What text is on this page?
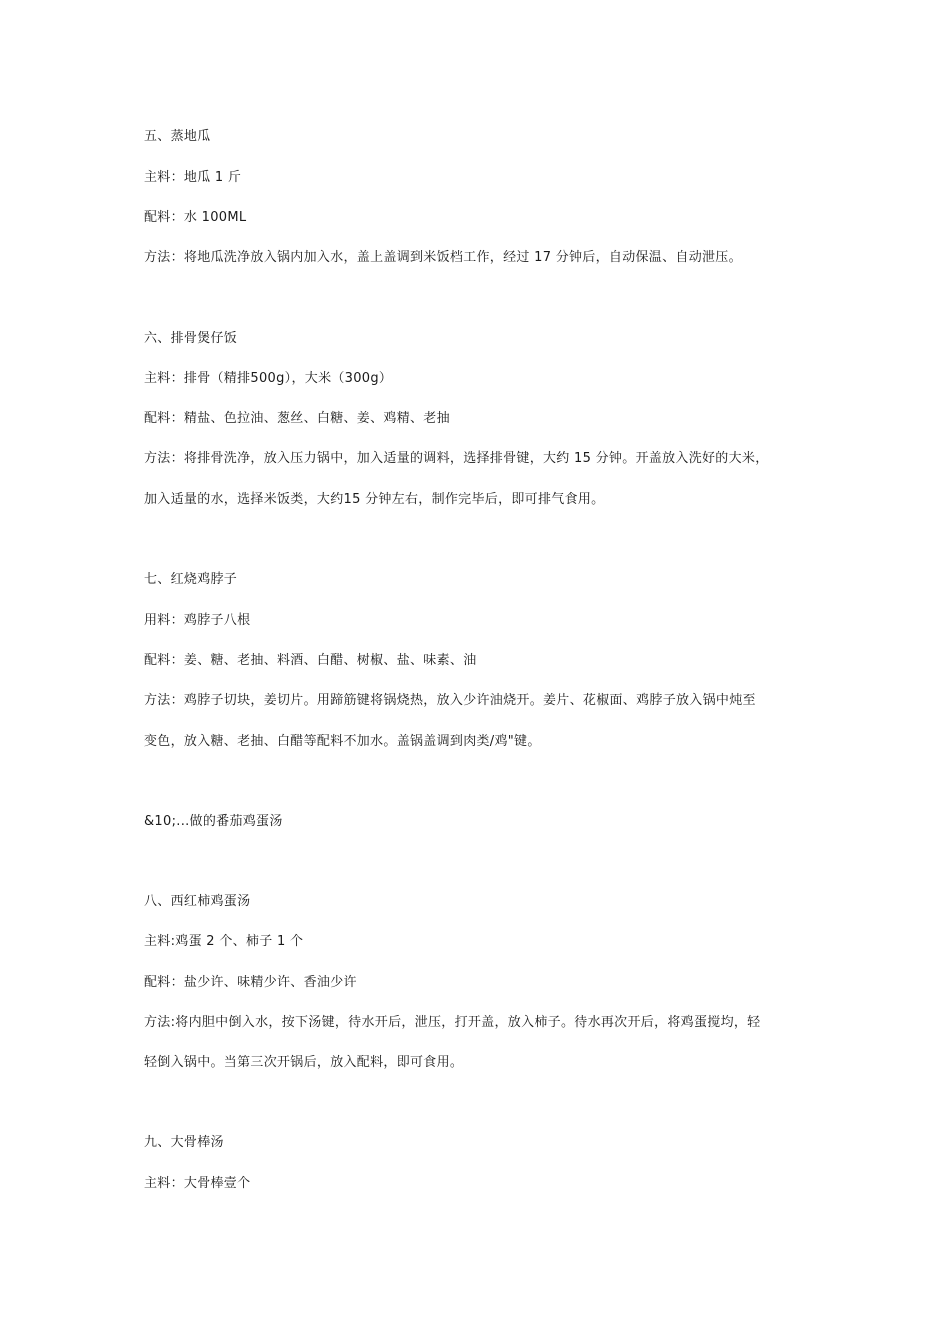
五、蒸地瓜
主料：地瓜 1 斤
配料：水 100ML
方法：将地瓜洗净放入锅内加入水，盖上盖调到米饭档工作，经过 17 分钟后，自动保温、自动泄压。
六、排骨煲仔饭
主料：排骨（精排500g），大米（300g）
配料：精盐、色拉油、葱丝、白糖、姜、鸡精、老抽
方法：将排骨洗净，放入压力锅中，加入适量的调料，选择排骨键，大约 15 分钟。开盖放入洗好的大米，
加入适量的水，选择米饭类，大约15 分钟左右，制作完毕后，即可排气食用。
七、红烧鸡脖子
用料：鸡脖子八根
配料：姜、糖、老抽、料酒、白醋、树椒、盐、味素、油
方法：鸡脖子切块，姜切片。用蹄筋键将锅烧热，放入少许油烧开。姜片、花椒面、鸡脖子放入锅中炖至
变色，放入糖、老抽、白醋等配料不加水。盖锅盖调到肉类/鸡"键。
&10;...做的番茄鸡蛋汤
八、西红柿鸡蛋汤
主料:鸡蛋 2 个、柿子 1 个
配料：盐少许、味精少许、香油少许
方法:将内胆中倒入水，按下汤键，待水开后，泄压，打开盖，放入柿子。待水再次开后，将鸡蛋搅均，轻
轻倒入锅中。当第三次开锅后，放入配料，即可食用。
九、大骨棒汤
主料：大骨棒壹个
